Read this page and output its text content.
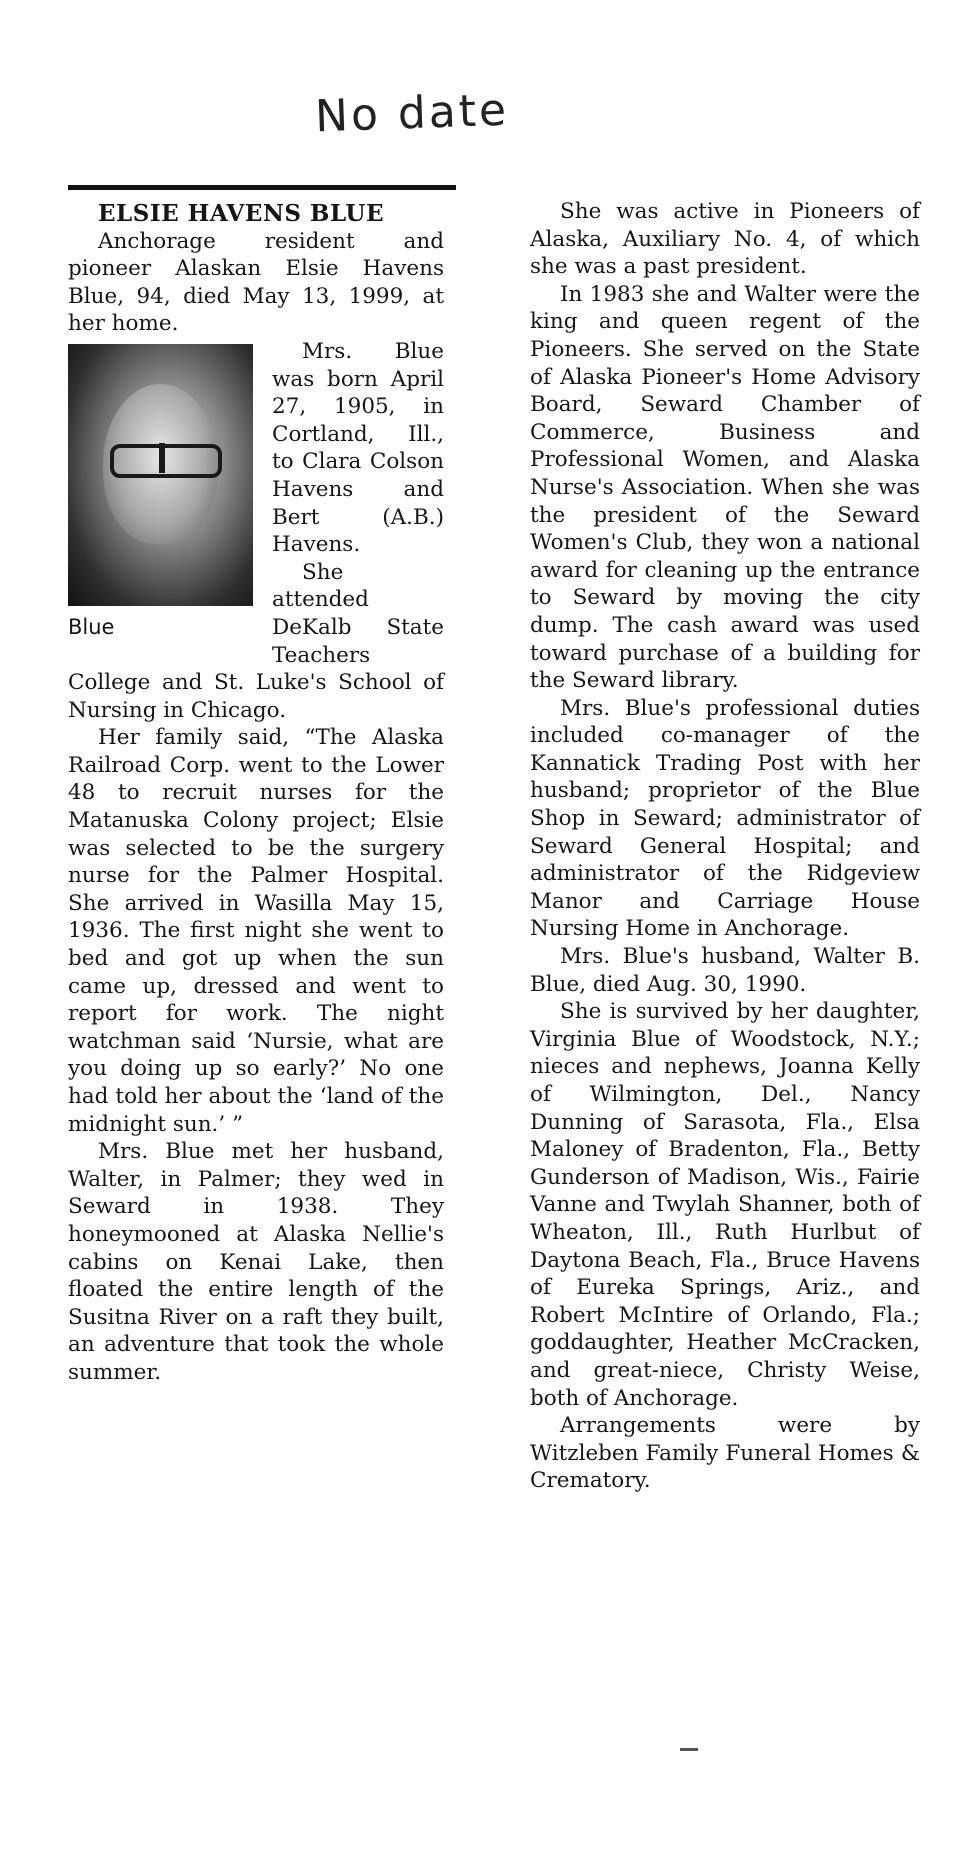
No date

ELSIE HAVENS BLUE

Anchorage resident and pioneer Alaskan Elsie Havens Blue, 94, died May 13, 1999, at her home.

Blue

Mrs. Blue was born April 27, 1905, in Cortland, Ill., to Clara Colson Havens and Bert (A.B.) Havens.

She attended DeKalb State Teachers College and St. Luke's School of Nursing in Chicago.

Her family said, “The Alaska Railroad Corp. went to the Lower 48 to recruit nurses for the Matanuska Colony project; Elsie was selected to be the surgery nurse for the Palmer Hospital. She arrived in Wasilla May 15, 1936. The first night she went to bed and got up when the sun came up, dressed and went to report for work. The night watchman said ‘Nursie, what are you doing up so early?’ No one had told her about the ‘land of the midnight sun.’ ”

Mrs. Blue met her husband, Walter, in Palmer; they wed in Seward in 1938. They honeymooned at Alaska Nellie's cabins on Kenai Lake, then floated the entire length of the Susitna River on a raft they built, an adventure that took the whole summer.

She was active in Pioneers of Alaska, Auxiliary No. 4, of which she was a past president.

In 1983 she and Walter were the king and queen regent of the Pioneers. She served on the State of Alaska Pioneer's Home Advisory Board, Seward Chamber of Commerce, Business and Professional Women, and Alaska Nurse's Association. When she was the president of the Seward Women's Club, they won a national award for cleaning up the entrance to Seward by moving the city dump. The cash award was used toward purchase of a building for the Seward library.

Mrs. Blue's professional duties included co-manager of the Kannatick Trading Post with her husband; proprietor of the Blue Shop in Seward; administrator of Seward General Hospital; and administrator of the Ridgeview Manor and Carriage House Nursing Home in Anchorage.

Mrs. Blue's husband, Walter B. Blue, died Aug. 30, 1990.

She is survived by her daughter, Virginia Blue of Woodstock, N.Y.; nieces and nephews, Joanna Kelly of Wilmington, Del., Nancy Dunning of Sarasota, Fla., Elsa Maloney of Bradenton, Fla., Betty Gunderson of Madison, Wis., Fairie Vanne and Twylah Shanner, both of Wheaton, Ill., Ruth Hurlbut of Daytona Beach, Fla., Bruce Havens of Eureka Springs, Ariz., and Robert McIntire of Orlando, Fla.; goddaughter, Heather McCracken, and great-niece, Christy Weise, both of Anchorage.

Arrangements were by Witzleben Family Funeral Homes & Crematory.
